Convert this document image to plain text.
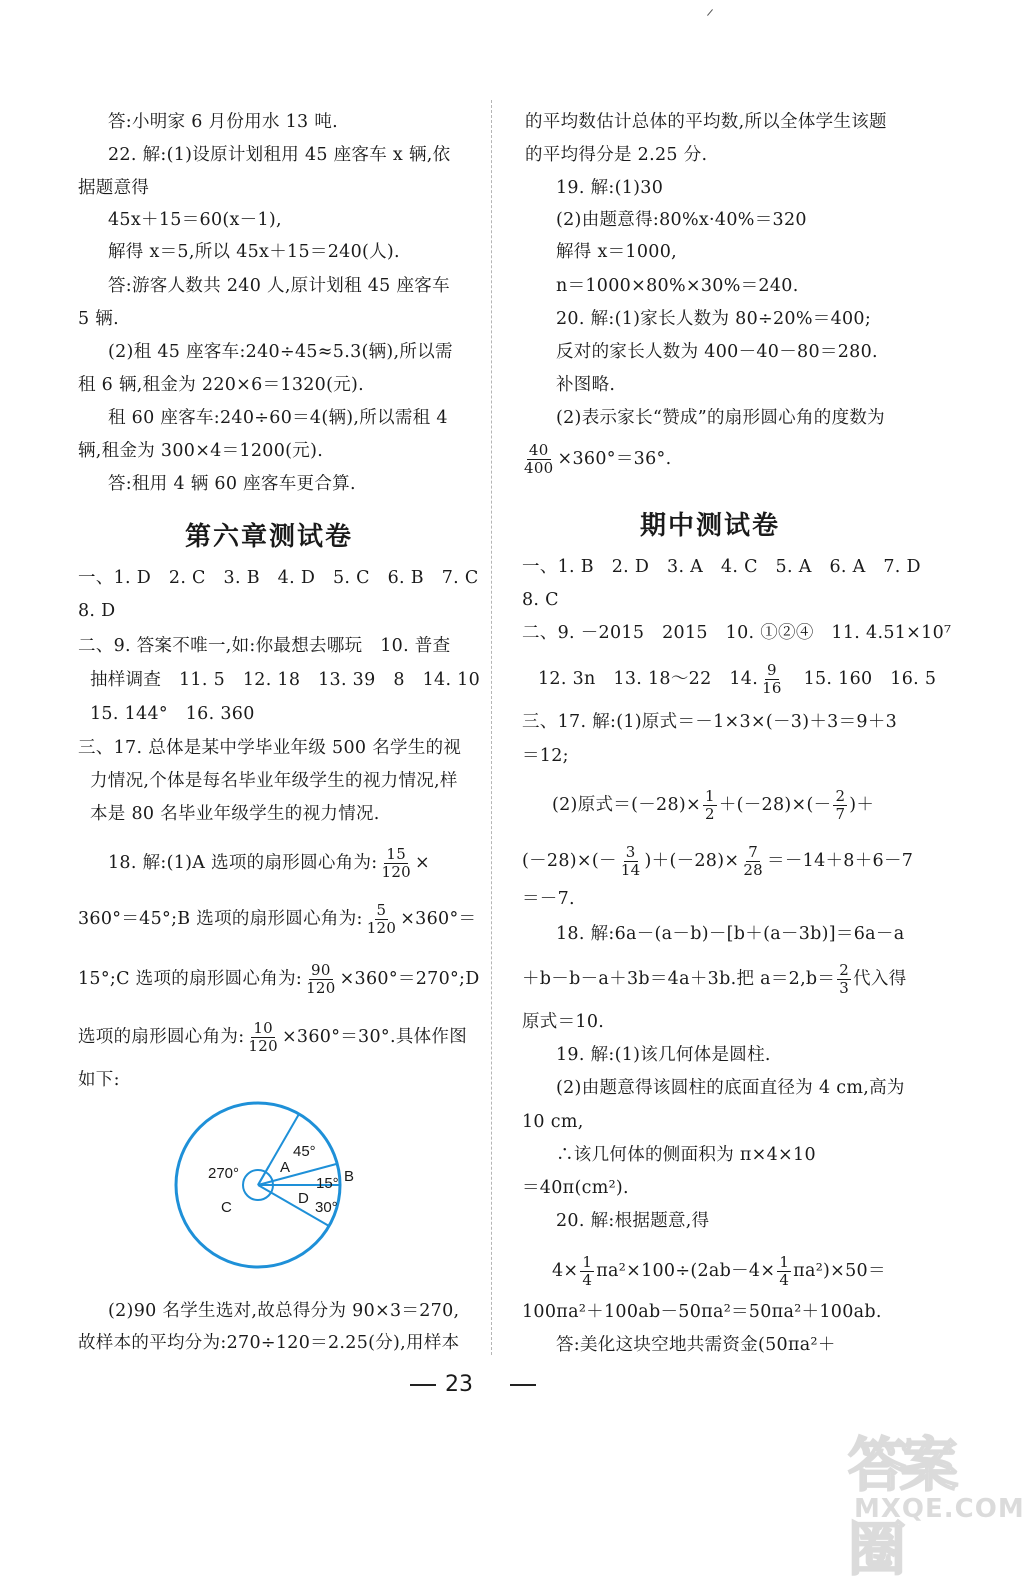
答:小明家 6 月份用水 13 吨.
22. 解:(1)设原计划租用 45 座客车 x 辆,依
据题意得
45x＋15＝60(x－1),
解得 x＝5,所以 45x＋15＝240(人).
答:游客人数共 240 人,原计划租 45 座客车
5 辆.
(2)租 45 座客车:240÷45≈5.3(辆),所以需
租 6 辆,租金为 220×6＝1320(元).
租 60 座客车:240÷60＝4(辆),所以需租 4
辆,租金为 300×4＝1200(元).
答:租用 4 辆 60 座客车更合算.
第六章测试卷
一、1. D　2. C　3. B　4. D　5. C　6. B　7. C
8. D
二、9. 答案不唯一,如:你最想去哪玩　10. 普查
抽样调查　11. 5　12. 18　13. 39　8　14. 10
15. 144°　16. 360
三、17. 总体是某中学毕业年级 500 名学生的视
力情况,个体是每名毕业年级学生的视力情况,样
本是 80 名毕业年级学生的视力情况.
18. 解:(1)A 选项的扇形圆心角为: $\frac{15}{120}$ ×
360°＝45°;B 选项的扇形圆心角为: $\frac{5}{120} \times 360^\circ=$
15°;C 选项的扇形圆心角为: $\frac{90}{120}$ ×360°＝270°;D
选项的扇形圆心角为: $\frac{10}{120} \times 360^\circ=30^\circ$.具体作图
如下:
45°
A
B
15°
D
30°
270°
C
(2)90 名学生选对,故总得分为 90×3＝270,
故样本的平均分为:270÷120＝2.25(分),用样本
的平均数估计总体的平均数,所以全体学生该题
的平均得分是 2.25 分.
19. 解:(1)30
(2)由题意得:80%x·40%＝320
解得 x＝1000,
n＝1000×80%×30%＝240.
20. 解:(1)家长人数为 80÷20%＝400;
反对的家长人数为 400－40－80＝280.
补图略.
(2)表示家长“赞成”的扇形圆心角的度数为
$\frac{40}{400} \times 360^\circ=36^\circ$.
期中测试卷
一、1. B　2. D　3. A　4. C　5. A　6. A　7. D
8. C
二、9. －2015　2015　10. ①②④　11. 4.51×10⁷
12. 3n　13. 18～22　14. $\frac{9}{16}$
　 15. 160　16. 5
三、17. 解:(1)原式＝－1×3×(－3)＋3＝9＋3
＝12;
(2)原式$=(-28)\times \frac{1}{2} +(-28)\times(- \frac{2}{7}$ )＋
$(-28)\times(- \frac{3}{14} )+(-28)\times \frac{7}{28} =-14+8+6-7$
＝－7.
18. 解:6a－(a－b)－[b＋(a－3b)]＝6a－a
＋b－b－a＋3b＝4a＋3b.把 $a=2,b= \frac{2}{3}$ 代入得
原式＝10.
19. 解:(1)该几何体是圆柱.
(2)由题意得该圆柱的底面直径为 4 cm,高为
10 cm,
∴该几何体的侧面积为 π×4×10
＝40π(cm²).
20. 解:根据题意,得
$4\times \frac{1}{4} \pi a^2\times 100\div(2ab-4\times \frac{1}{4} \pi a^2)\times 50=$
100πa²＋100ab－50πa²＝50πa²＋100ab.
答:美化这块空地共需资金(50πa²＋
23
答案圈
MXQE.COM
